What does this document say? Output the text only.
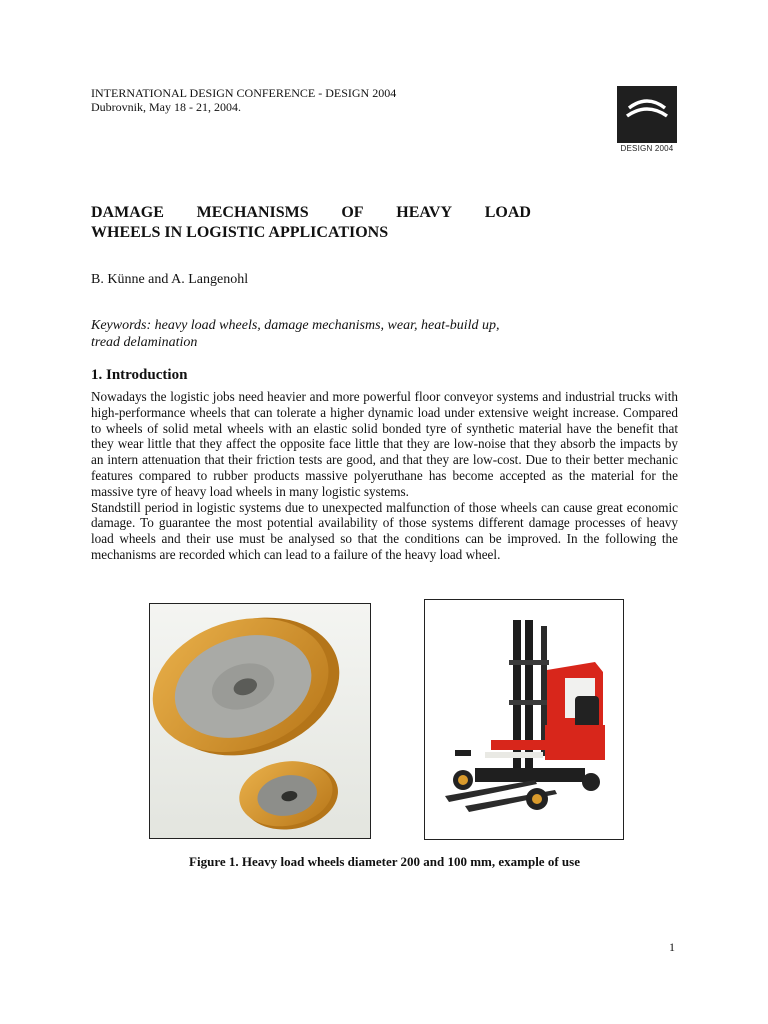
INTERNATIONAL DESIGN CONFERENCE - DESIGN 2004
Dubrovnik, May 18 - 21, 2004.
DESIGN 2004
DAMAGE MECHANISMS OF HEAVY LOAD
WHEELS IN LOGISTIC APPLICATIONS
B. Künne and A. Langenohl
Keywords: heavy load wheels, damage mechanisms, wear, heat-build up, tread delamination
1. Introduction

Nowadays the logistic jobs need heavier and more powerful floor conveyor systems and industrial trucks with high-performance wheels that can tolerate a higher dynamic load under extensive weight increase. Compared to wheels of solid metal wheels with an elastic solid bonded tyre of synthetic material have the benefit that they wear little that they affect the opposite face little that they are low-noise that they absorb the impacts by an intern attenuation that their friction tests are good, and that they are low-cost. Due to their better mechanic features compared to rubber products massive polyeruthane has become accepted as the material for the massive tyre of heavy load wheels in many logistic systems.

Standstill period in logistic systems due to unexpected malfunction of those wheels can cause great economic damage. To guarantee the most potential availability of those systems different damage processes of heavy load wheels and their use must be analysed so that the conditions can be improved. In the following the mechanisms are recorded which can lead to a failure of the heavy load wheel.

Figure 1. Heavy load wheels diameter 200 and 100 mm, example of use
1
